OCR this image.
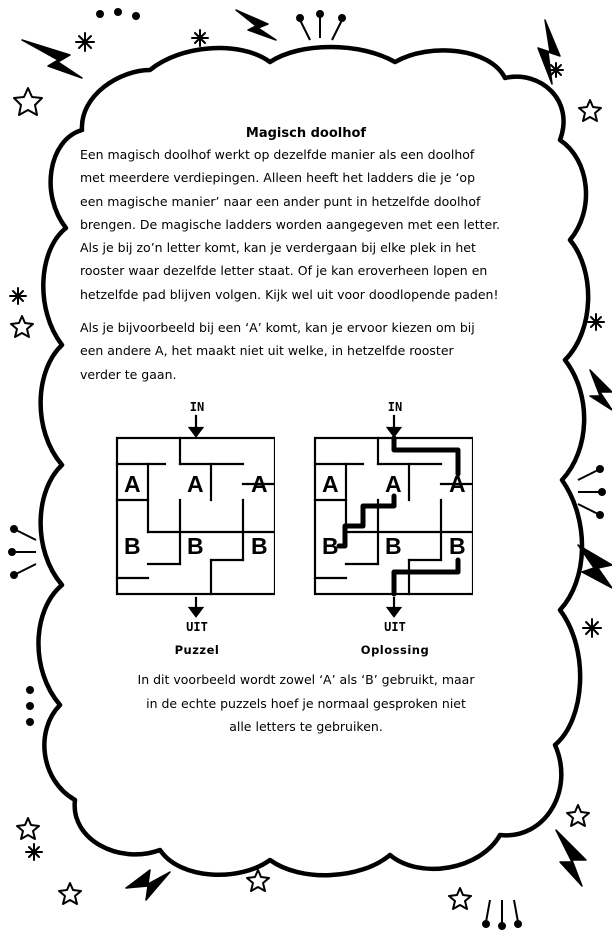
Magisch doolhof

Een magisch doolhof werkt op dezelfde manier als een doolhof
met meerdere verdiepingen. Alleen heeft het ladders die je ‘op
een magische manier’ naar een ander punt in hetzelfde doolhof
brengen. De magische ladders worden aangegeven met een letter.
Als je bij zo’n letter komt, kan je verdergaan bij elke plek in het
rooster waar dezelfde letter staat. Of je kan eroverheen lopen en
hetzelfde pad blijven volgen. Kijk wel uit voor doodlopende paden!

Als je bijvoorbeeld bij een ‘A’ komt, kan je ervoor kiezen om bij
een andere A, het maakt niet uit welke, in hetzelfde rooster
verder te gaan.

IN
A A A
B B B
UIT
Puzzel
IN
A A A
B B B
UIT
Oplossing
In dit voorbeeld wordt zowel ‘A’ als ‘B’ gebruikt, maar
in de echte puzzels hoef je normaal gesproken niet
alle letters te gebruiken.
